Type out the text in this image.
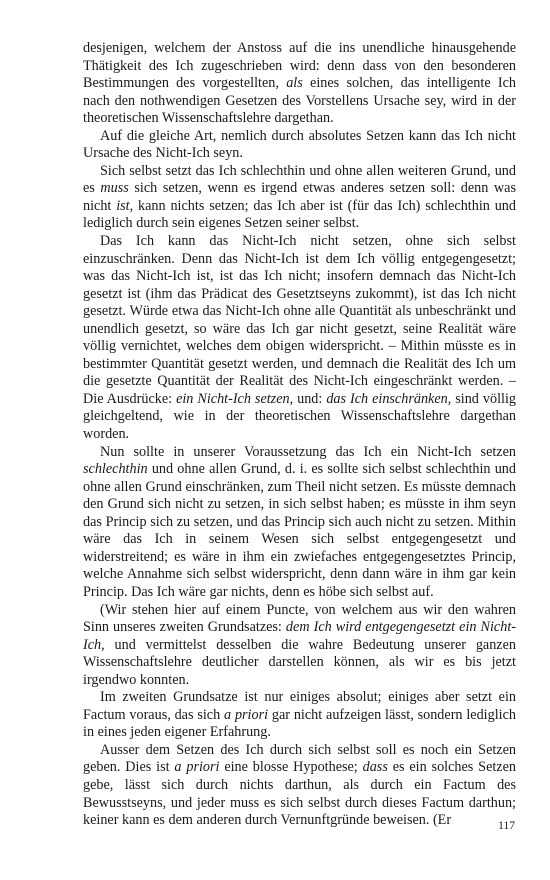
desjenigen, welchem der Anstoss auf die ins unendliche hinausgehende Thätigkeit des Ich zugeschrieben wird: denn dass von den besonderen Bestimmungen des vorgestellten, als eines solchen, das intelligente Ich nach den nothwendigen Gesetzen des Vorstellens Ursache sey, wird in der theoretischen Wissenschaftslehre dargethan.

Auf die gleiche Art, nemlich durch absolutes Setzen kann das Ich nicht Ursache des Nicht-Ich seyn.

Sich selbst setzt das Ich schlechthin und ohne allen weiteren Grund, und es muss sich setzen, wenn es irgend etwas anderes setzen soll: denn was nicht ist, kann nichts setzen; das Ich aber ist (für das Ich) schlechthin und lediglich durch sein eigenes Setzen seiner selbst.

Das Ich kann das Nicht-Ich nicht setzen, ohne sich selbst einzuschränken. Denn das Nicht-Ich ist dem Ich völlig entgegengesetzt; was das Nicht-Ich ist, ist das Ich nicht; insofern demnach das Nicht-Ich gesetzt ist (ihm das Prädicat des Gesetztseyns zukommt), ist das Ich nicht gesetzt. Würde etwa das Nicht-Ich ohne alle Quantität als unbeschränkt und unendlich gesetzt, so wäre das Ich gar nicht gesetzt, seine Realität wäre völlig vernichtet, welches dem obigen widerspricht. – Mithin müsste es in bestimmter Quantität gesetzt werden, und demnach die Realität des Ich um die gesetzte Quantität der Realität des Nicht-Ich eingeschränkt werden. – Die Ausdrücke: ein Nicht-Ich setzen, und: das Ich einschränken, sind völlig gleichgeltend, wie in der theoretischen Wissenschaftslehre dargethan worden.

Nun sollte in unserer Voraussetzung das Ich ein Nicht-Ich setzen schlechthin und ohne allen Grund, d. i. es sollte sich selbst schlechthin und ohne allen Grund einschränken, zum Theil nicht setzen. Es müsste demnach den Grund sich nicht zu setzen, in sich selbst haben; es müsste in ihm seyn das Princip sich zu setzen, und das Princip sich auch nicht zu setzen. Mithin wäre das Ich in seinem Wesen sich selbst entgegengesetzt und widerstreitend; es wäre in ihm ein zwiefaches entgegengesetztes Princip, welche Annahme sich selbst widerspricht, denn dann wäre in ihm gar kein Princip. Das Ich wäre gar nichts, denn es höbe sich selbst auf.

(Wir stehen hier auf einem Puncte, von welchem aus wir den wahren Sinn unseres zweiten Grundsatzes: dem Ich wird entgegengesetzt ein Nicht-Ich, und vermittelst desselben die wahre Bedeutung unserer ganzen Wissenschaftslehre deutlicher darstellen können, als wir es bis jetzt irgendwo konnten.

Im zweiten Grundsatze ist nur einiges absolut; einiges aber setzt ein Factum voraus, das sich a priori gar nicht aufzeigen lässt, sondern lediglich in eines jeden eigener Erfahrung.

Ausser dem Setzen des Ich durch sich selbst soll es noch ein Setzen geben. Dies ist a priori eine blosse Hypothese; dass es ein solches Setzen gebe, lässt sich durch nichts darthun, als durch ein Factum des Bewusstseyns, und jeder muss es sich selbst durch dieses Factum darthun; keiner kann es dem anderen durch Vernunftgründe beweisen. (Er	117
